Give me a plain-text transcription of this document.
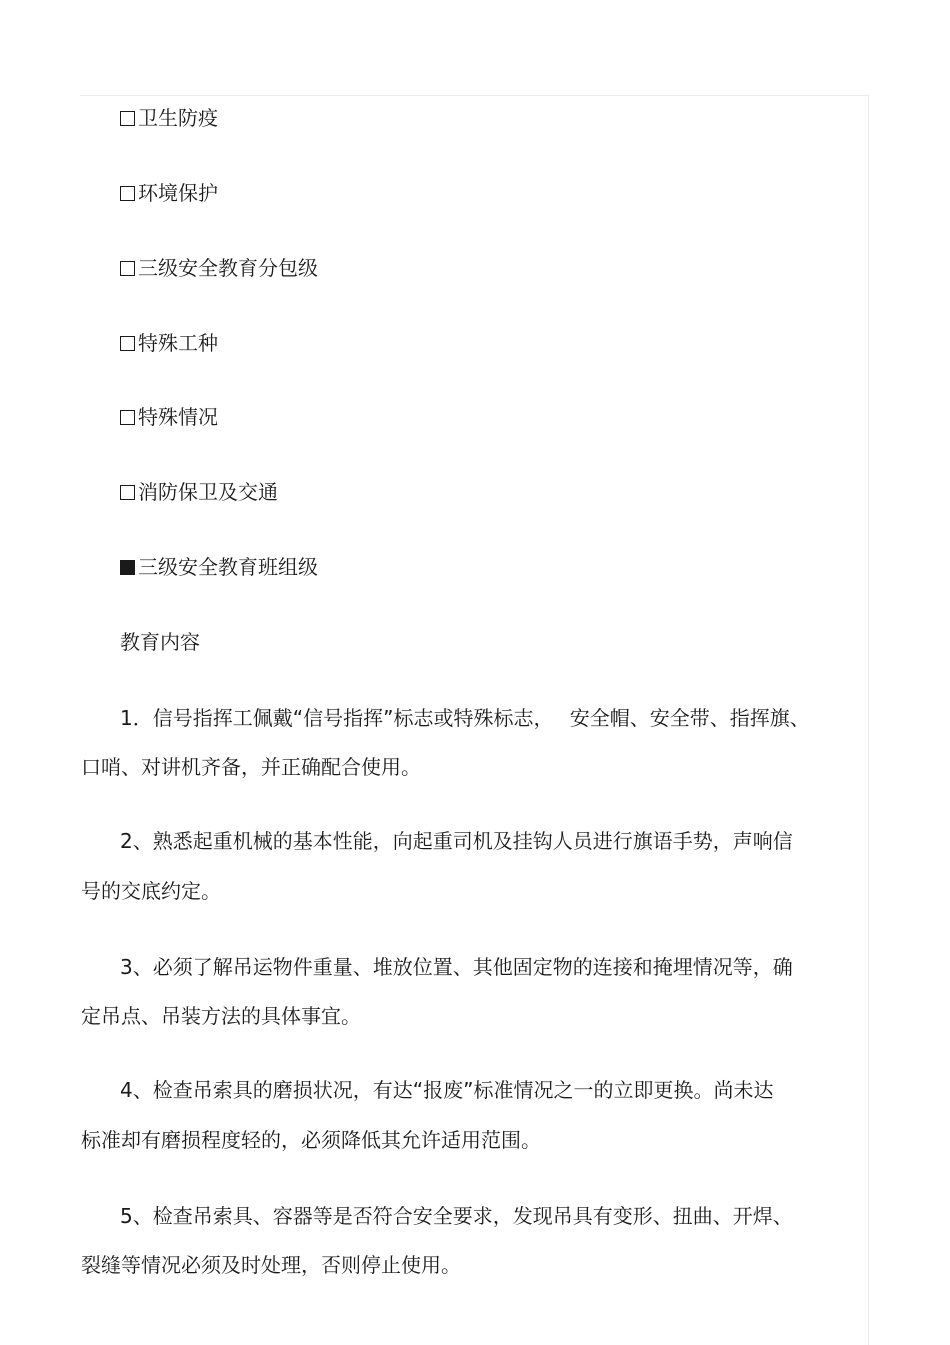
卫生防疫
环境保护
三级安全教育分包级
特殊工种
特殊情况
消防保卫及交通
三级安全教育班组级
教育内容
1．信号指挥工佩戴“信号指挥”标志或特殊标志，　 安全帽、安全带、指挥旗、
口哨、对讲机齐备，并正确配合使用。
2、熟悉起重机械的基本性能，向起重司机及挂钩人员进行旗语手势，声响信
号的交底约定。
3、必须了解吊运物件重量、堆放位置、其他固定物的连接和掩埋情况等，确
定吊点、吊装方法的具体事宜。
4、检查吊索具的磨损状况，有达“报废”标准情况之一的立即更换。尚未达
标准却有磨损程度轻的，必须降低其允许适用范围。
5、检查吊索具、容器等是否符合安全要求，发现吊具有变形、扭曲、开焊、
裂缝等情况必须及时处理，否则停止使用。
